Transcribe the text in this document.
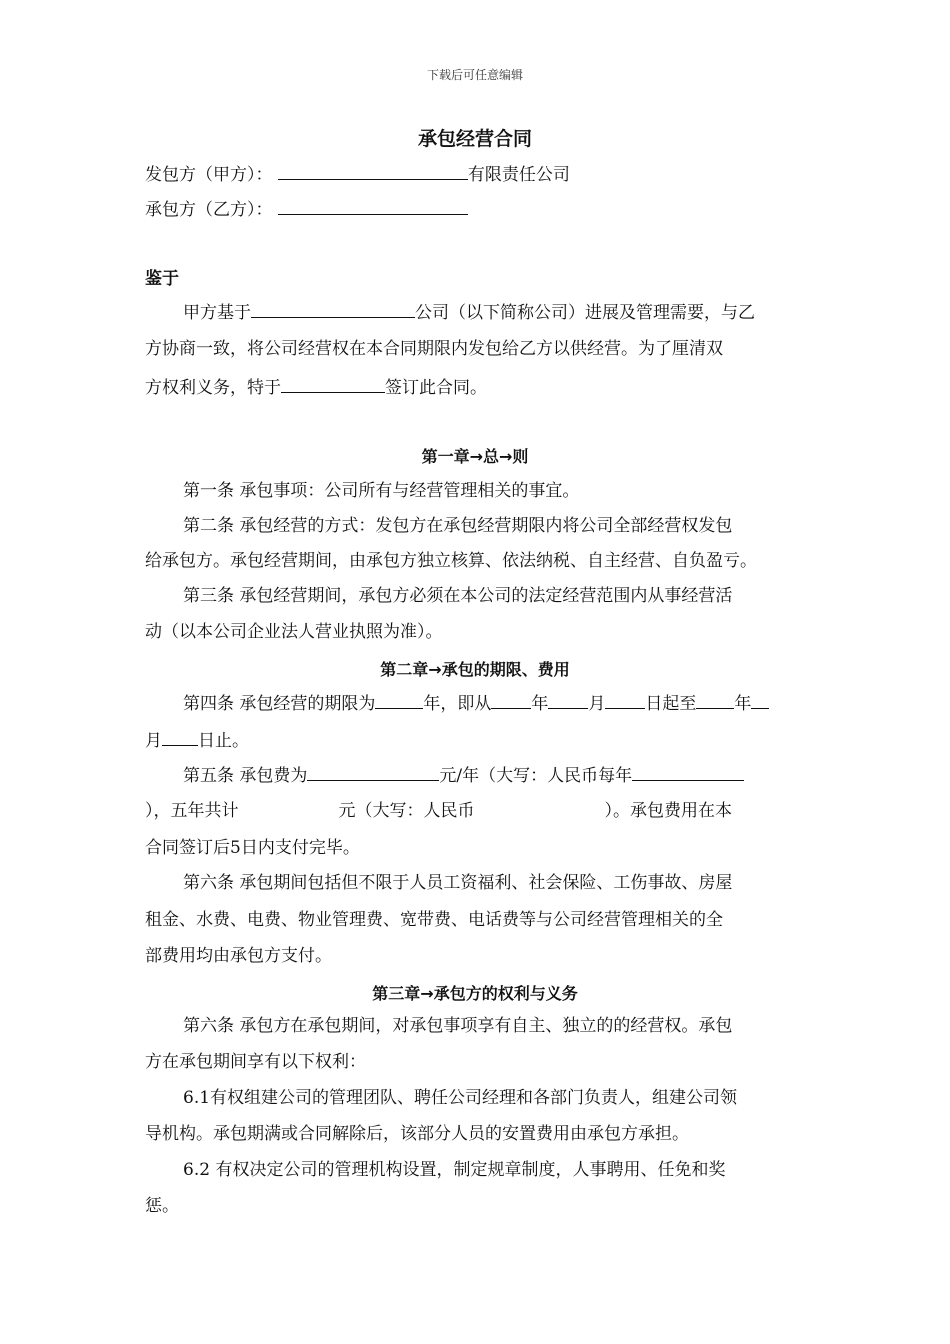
下载后可任意编辑
承包经营合同
发包方（甲方）：	有限责任公司
承包方（乙方）：
鉴于
甲方基于	公司（以下简称公司）进展及管理需要，与乙
方协商一致，将公司经营权在本合同期限内发包给乙方以供经营。为了厘清双
方权利义务，特于	签订此合同。
第一章→总→则
第一条 承包事项：公司所有与经营管理相关的事宜。
第二条 承包经营的方式：发包方在承包经营期限内将公司全部经营权发包
给承包方。承包经营期间，由承包方独立核算、依法纳税、自主经营、自负盈亏。
第三条 承包经营期间，承包方必须在本公司的法定经营范围内从事经营活
动（以本公司企业法人营业执照为准）。
第二章→承包的期限、费用
第四条 承包经营的期限为	年，即从 年 月 日起至 年
月 日止。
第五条 承包费为	元/年（大写：人民币每年
），五年共计	元（大写：人民币	）。承包费用在本
合同签订后5日内支付完毕。
第六条 承包期间包括但不限于人员工资福利、社会保险、工伤事故、房屋
租金、水费、电费、物业管理费、宽带费、电话费等与公司经营管理相关的全
部费用均由承包方支付。
第三章→承包方的权利与义务
第六条 承包方在承包期间，对承包事项享有自主、独立的的经营权。承包
方在承包期间享有以下权利：
6.1有权组建公司的管理团队、聘任公司经理和各部门负责人，组建公司领
导机构。承包期满或合同解除后，该部分人员的安置费用由承包方承担。
6.2 有权决定公司的管理机构设置，制定规章制度，人事聘用、任免和奖
惩。
